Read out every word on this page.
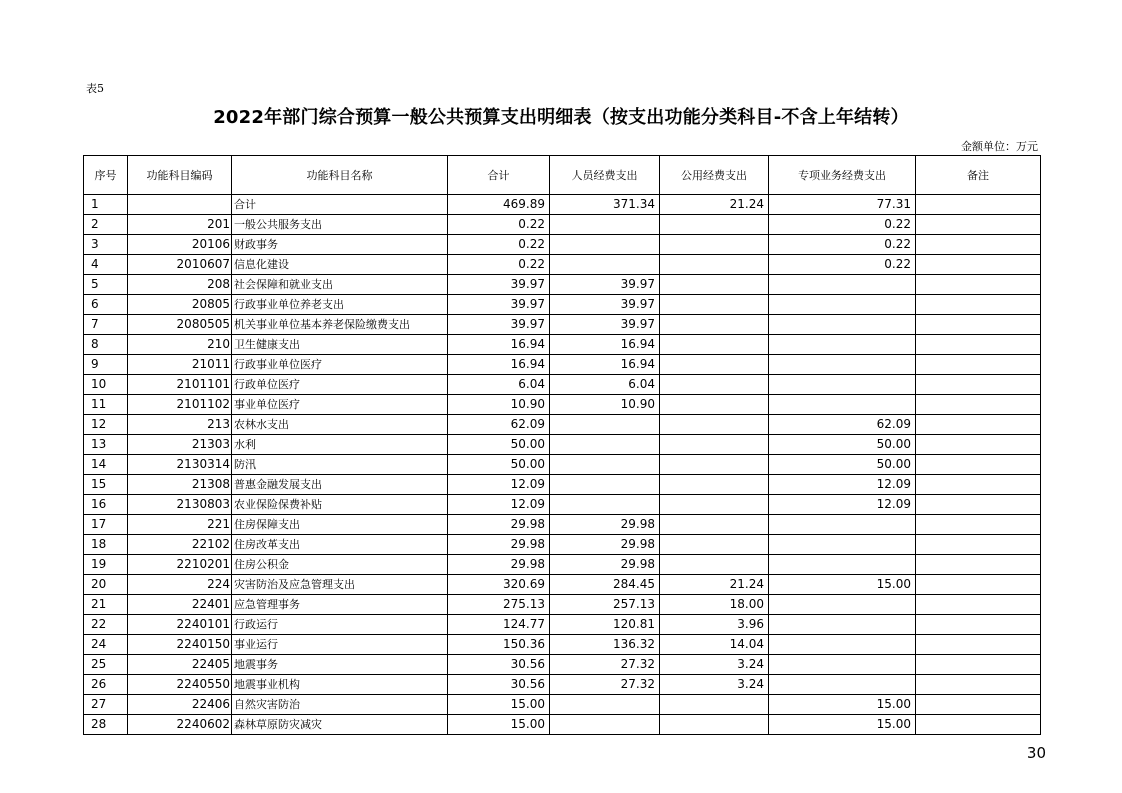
表5
2022年部门综合预算一般公共预算支出明细表（按支出功能分类科目-不含上年结转）
金额单位：万元
序号	功能科目编码	功能科目名称	合计	人员经费支出	公用经费支出	专项业务经费支出	备注
1		合计	469.89	371.34	21.24	77.31	
2	201	一般公共服务支出	0.22			0.22	
3	20106	财政事务	0.22			0.22	
4	2010607	信息化建设	0.22			0.22	
5	208	社会保障和就业支出	39.97	39.97			
6	20805	行政事业单位养老支出	39.97	39.97			
7	2080505	机关事业单位基本养老保险缴费支出	39.97	39.97			
8	210	卫生健康支出	16.94	16.94			
9	21011	行政事业单位医疗	16.94	16.94			
10	2101101	行政单位医疗	6.04	6.04			
11	2101102	事业单位医疗	10.90	10.90			
12	213	农林水支出	62.09			62.09	
13	21303	水利	50.00			50.00	
14	2130314	防汛	50.00			50.00	
15	21308	普惠金融发展支出	12.09			12.09	
16	2130803	农业保险保费补贴	12.09			12.09	
17	221	住房保障支出	29.98	29.98			
18	22102	住房改革支出	29.98	29.98			
19	2210201	住房公积金	29.98	29.98			
20	224	灾害防治及应急管理支出	320.69	284.45	21.24	15.00	
21	22401	应急管理事务	275.13	257.13	18.00		
22	2240101	行政运行	124.77	120.81	3.96		
24	2240150	事业运行	150.36	136.32	14.04		
25	22405	地震事务	30.56	27.32	3.24		
26	2240550	地震事业机构	30.56	27.32	3.24		
27	22406	自然灾害防治	15.00			15.00	
28	2240602	森林草原防灾减灾	15.00			15.00	
30
